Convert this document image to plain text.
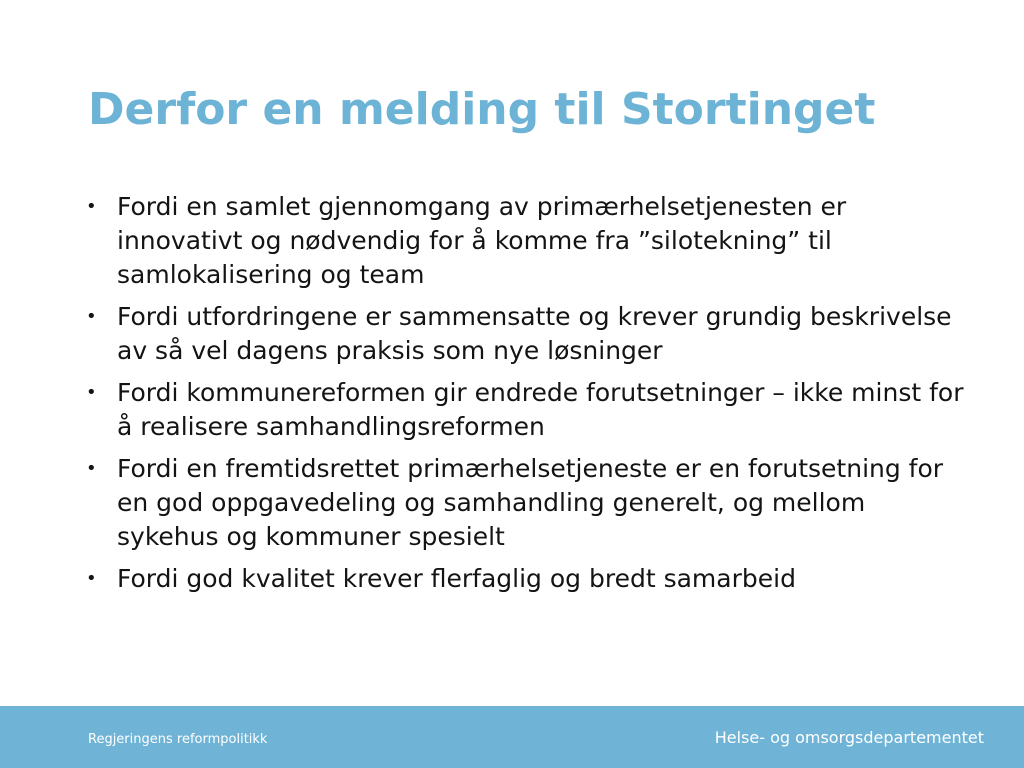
Derfor en melding til Stortinget
• Fordi en samlet gjennomgang av primærhelsetjenesten er innovativt og nødvendig for å komme fra ”silotekning” til samlokalisering og team
• Fordi utfordringene er sammensatte og krever grundig beskrivelse av så vel dagens praksis som nye løsninger
• Fordi kommunereformen gir endrede forutsetninger – ikke minst for å realisere samhandlingsreformen
• Fordi en fremtidsrettet primærhelsetjeneste er en forutsetning for en god oppgavedeling og samhandling generelt, og mellom sykehus og kommuner spesielt
• Fordi god kvalitet krever flerfaglig og bredt samarbeid
Regjeringens reformpolitikk	Helse- og omsorgsdepartementet
